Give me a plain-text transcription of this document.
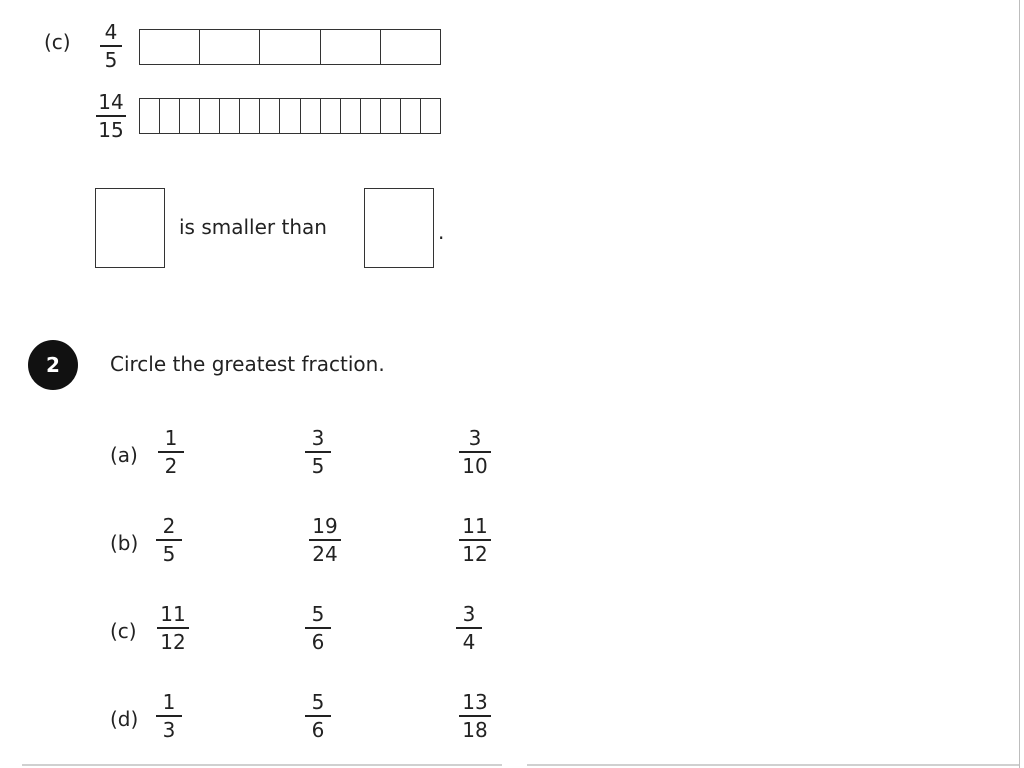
(c) 4
5
14
15
is smaller than	.
2	Circle the greatest fraction.
(a)
1
2
3
5
3
10
(b)
2
5
19
24
11
12
(c)
11
12
5
6
3
4
(d)
1
3
5
6
13
18
